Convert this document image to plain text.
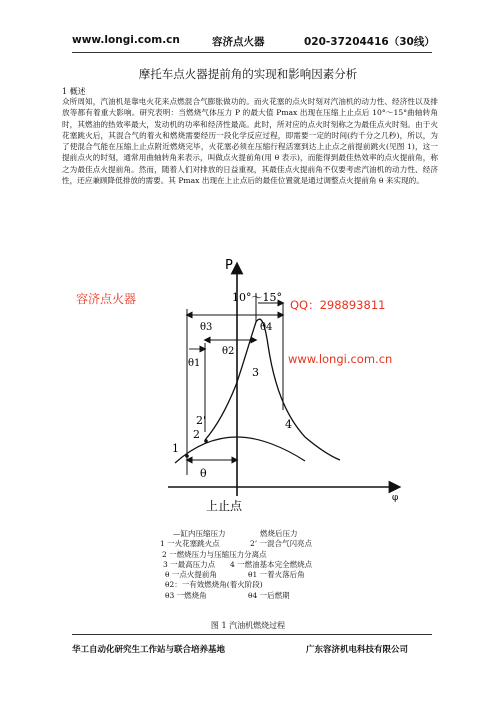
www.longi.com.cn	容济点火器	020-37204416（30线）
摩托车点火器提前角的实现和影响因素分析
1 概述
众所周知，汽油机是靠电火花来点燃混合气膨胀做功的。而火花塞的点火时刻对汽油机的动力性、经济性以及排放等都有着重大影响。研究表明：当燃烧气体压力 P 的最大值 Pmax 出现在压缩上止点后 10°～15°曲轴转角时，其燃油的热效率最大，发动机的功率和经济性最高。此时，所对应的点火时刻称之为最佳点火时刻。由于火花塞跳火后，其混合气的着火和燃烧需要经历一段化学反应过程，即需要一定的时间(约千分之几秒)，所以，为了使混合气能在压缩上止点附近燃烧完毕，火花塞必须在压缩行程活塞到达上止点之前提前跳火(见图 1)，这一提前点火的时刻，通常用曲轴转角来表示，叫做点火提前角(用 θ 表示)，而能得到最佳热效率的点火提前角，称之为最佳点火提前角。然而，随着人们对排放的日益重视，其最佳点火提前角不仅要考虑汽油机的动力性、经济性，还应兼顾降低排放的需要。其 Pmax 出现在上止点后的最佳位置就是通过调整点火提前角 θ 来实现的。
P
φ
10°～15°
θ3	θ4
θ2
θ1
θ
1
2
2'
3
4
上止点
容济点火器	QQ：298893811
www.longi.com.cn
—缸内压缩压力	燃烧后压力
1 一火花塞跳火点	2’ 一混合气闪亮点
2 一燃烧压力与压缩压力分离点
3 一最高压力点 4 一燃油基本完全燃烧点
θ 一点火提前角	θ1 一着火落后角
θ2：一有效燃烧角(着火阶段)
θ3 一燃烧角	θ4 一后燃期
图 1 汽油机燃烧过程
华工自动化研究生工作站与联合培养基地	广东容济机电科技有限公司
